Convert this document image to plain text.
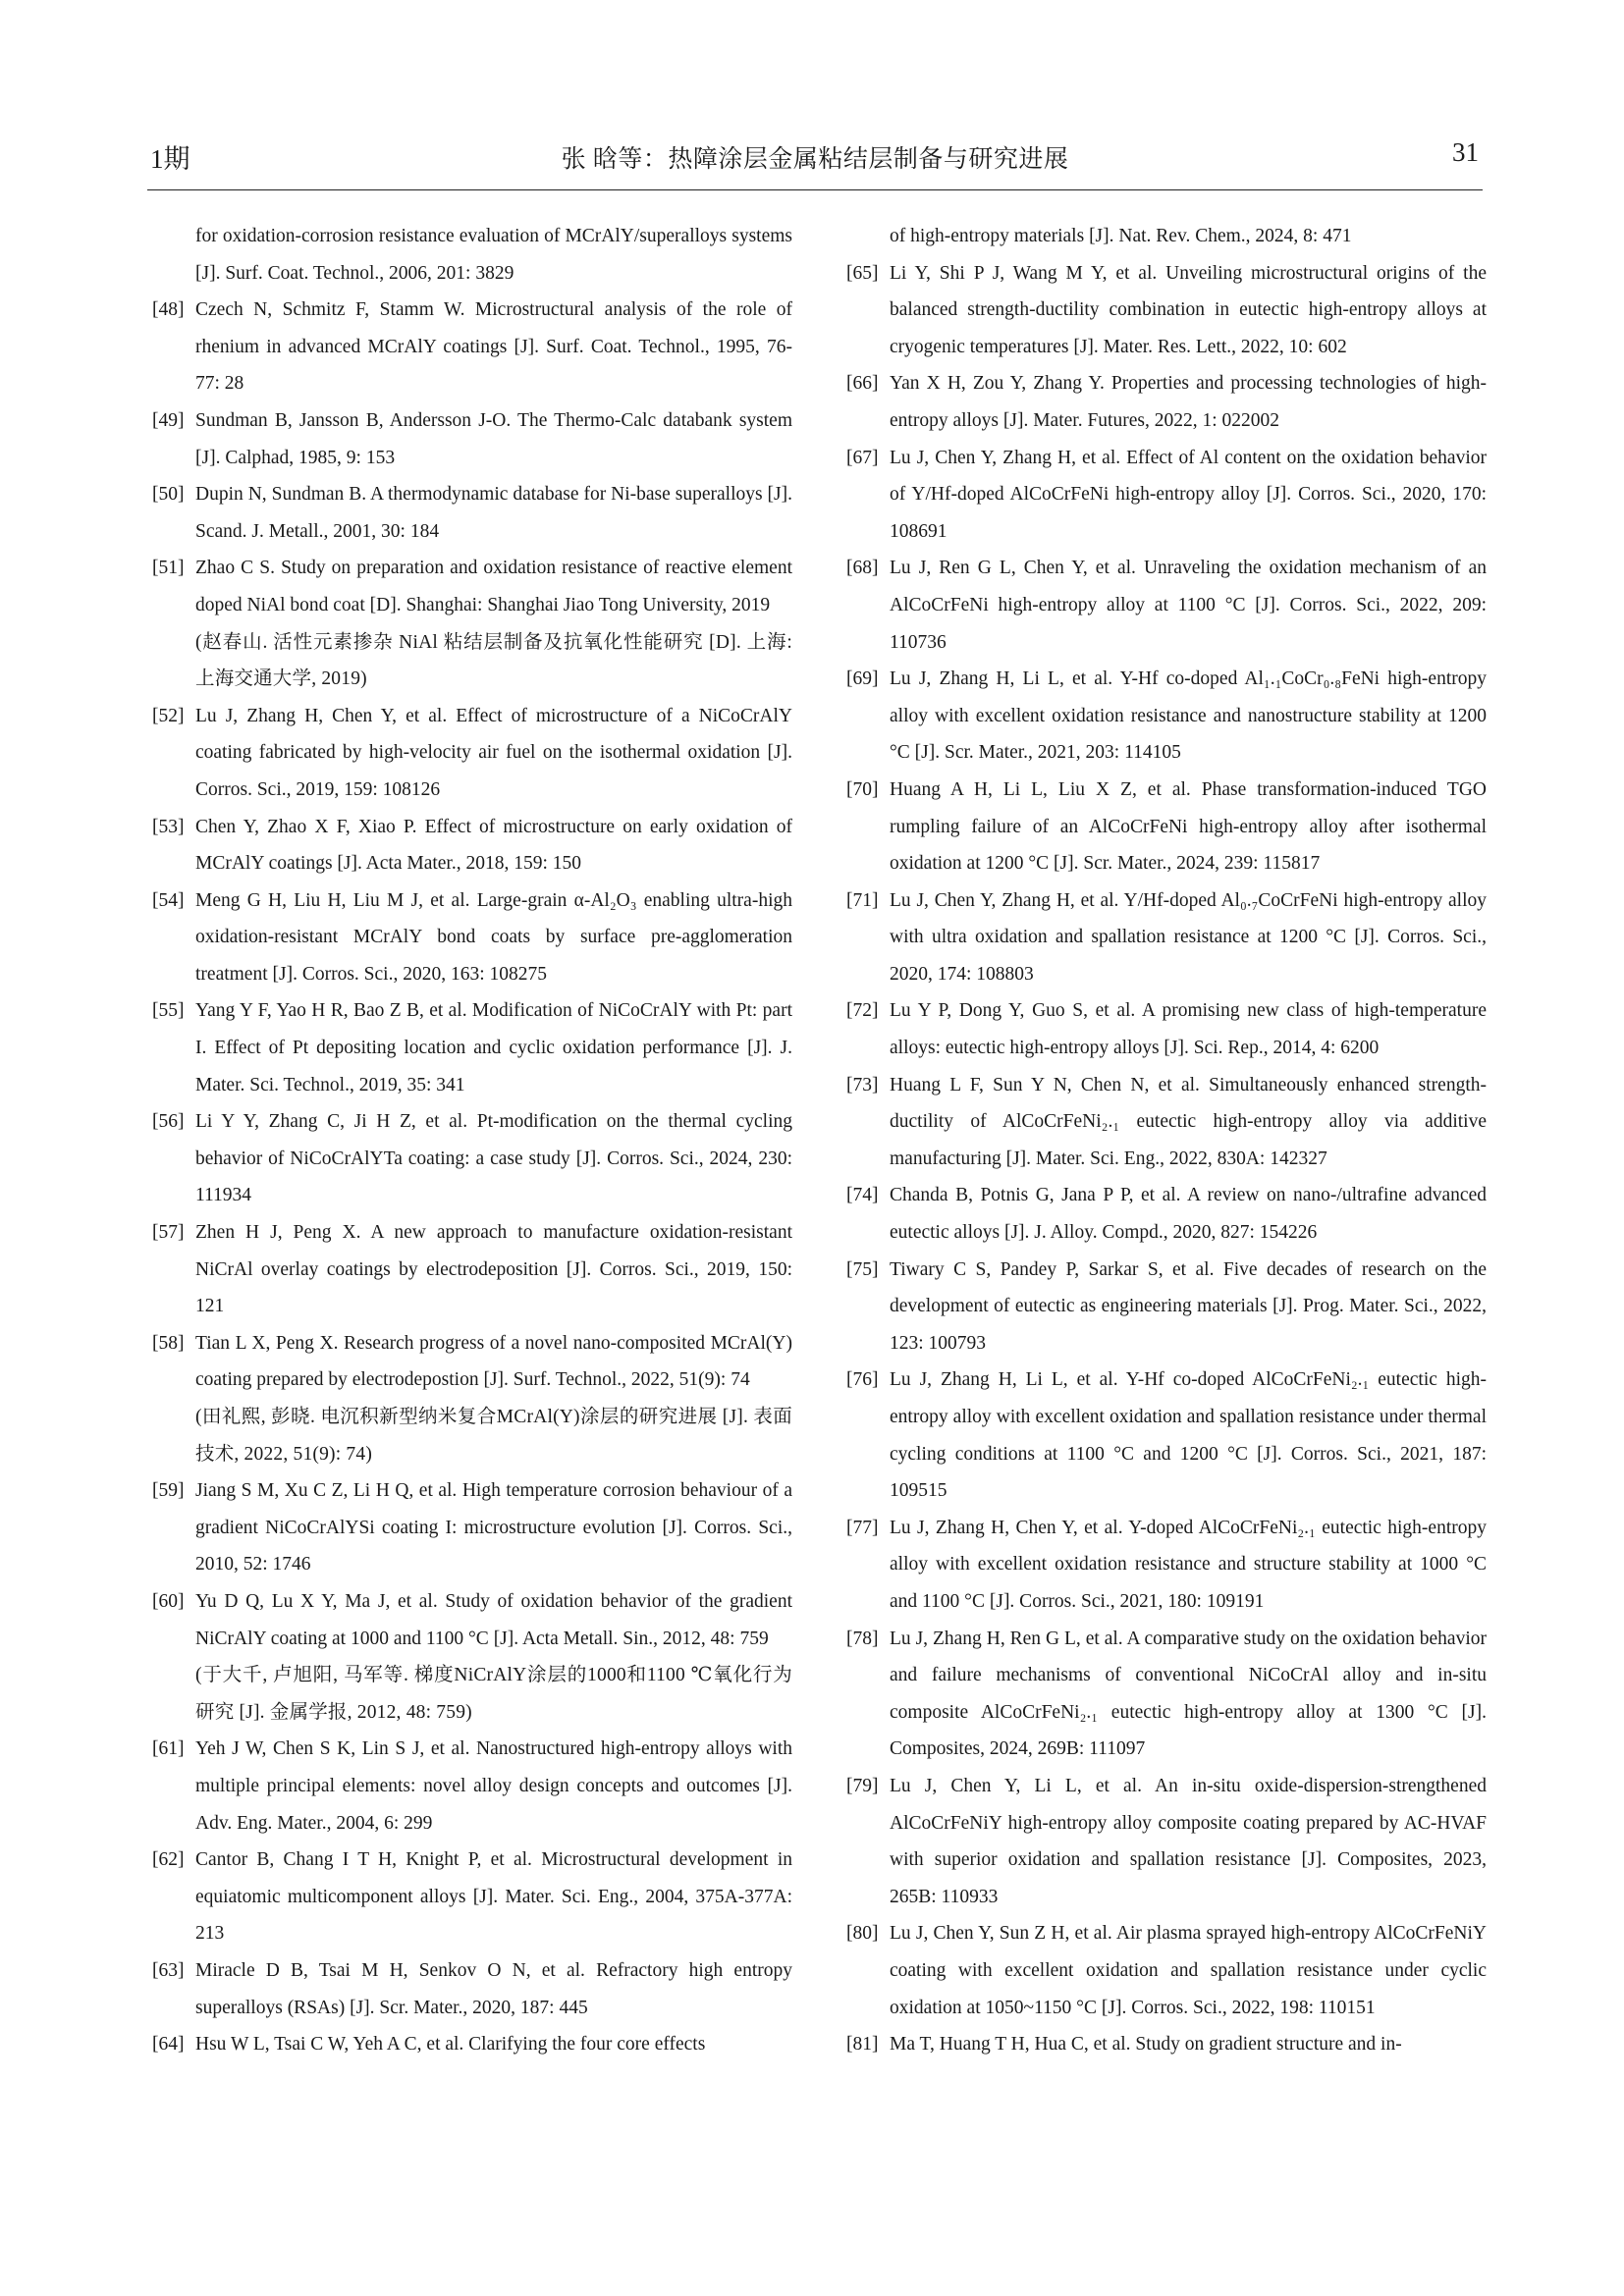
1期	张 晗等：热障涂层金属粘结层制备与研究进展	31
for oxidation-corrosion resistance evaluation of MCrAlY/superalloys systems [J]. Surf. Coat. Technol., 2006, 201: 3829
[48] Czech N, Schmitz F, Stamm W. Microstructural analysis of the role of rhenium in advanced MCrAlY coatings [J]. Surf. Coat. Technol., 1995, 76-77: 28
[49] Sundman B, Jansson B, Andersson J-O. The Thermo-Calc databank system [J]. Calphad, 1985, 9: 153
[50] Dupin N, Sundman B. A thermodynamic database for Ni-base superalloys [J]. Scand. J. Metall., 2001, 30: 184
[51] Zhao C S. Study on preparation and oxidation resistance of reactive element doped NiAl bond coat [D]. Shanghai: Shanghai Jiao Tong University, 2019
(赵春山. 活性元素掺杂 NiAl 粘结层制备及抗氧化性能研究 [D]. 上海: 上海交通大学, 2019)
[52] Lu J, Zhang H, Chen Y, et al. Effect of microstructure of a NiCoCrAlY coating fabricated by high-velocity air fuel on the isothermal oxidation [J]. Corros. Sci., 2019, 159: 108126
[53] Chen Y, Zhao X F, Xiao P. Effect of microstructure on early oxidation of MCrAlY coatings [J]. Acta Mater., 2018, 159: 150
[54] Meng G H, Liu H, Liu M J, et al. Large-grain α-Al₂O₃ enabling ultra-high oxidation-resistant MCrAlY bond coats by surface pre-agglomeration treatment [J]. Corros. Sci., 2020, 163: 108275
[55] Yang Y F, Yao H R, Bao Z B, et al. Modification of NiCoCrAlY with Pt: part I. Effect of Pt depositing location and cyclic oxidation performance [J]. J. Mater. Sci. Technol., 2019, 35: 341
[56] Li Y Y, Zhang C, Ji H Z, et al. Pt-modification on the thermal cycling behavior of NiCoCrAlYTa coating: a case study [J]. Corros. Sci., 2024, 230: 111934
[57] Zhen H J, Peng X. A new approach to manufacture oxidation-resistant NiCrAl overlay coatings by electrodeposition [J]. Corros. Sci., 2019, 150: 121
[58] Tian L X, Peng X. Research progress of a novel nano-composited MCrAl(Y) coating prepared by electrodepostion [J]. Surf. Technol., 2022, 51(9): 74
(田礼熙, 彭晓. 电沉积新型纳米复合MCrAl(Y)涂层的研究进展 [J]. 表面技术, 2022, 51(9): 74)
[59] Jiang S M, Xu C Z, Li H Q, et al. High temperature corrosion behaviour of a gradient NiCoCrAlYSi coating I: microstructure evolution [J]. Corros. Sci., 2010, 52: 1746
[60] Yu D Q, Lu X Y, Ma J, et al. Study of oxidation behavior of the gradient NiCrAlY coating at 1000 and 1100 °C [J]. Acta Metall. Sin., 2012, 48: 759
(于大千, 卢旭阳, 马军等. 梯度NiCrAlY涂层的1000和1100 ℃氧化行为研究 [J]. 金属学报, 2012, 48: 759)
[61] Yeh J W, Chen S K, Lin S J, et al. Nanostructured high-entropy alloys with multiple principal elements: novel alloy design concepts and outcomes [J]. Adv. Eng. Mater., 2004, 6: 299
[62] Cantor B, Chang I T H, Knight P, et al. Microstructural development in equiatomic multicomponent alloys [J]. Mater. Sci. Eng., 2004, 375A-377A: 213
[63] Miracle D B, Tsai M H, Senkov O N, et al. Refractory high entropy superalloys (RSAs) [J]. Scr. Mater., 2020, 187: 445
[64] Hsu W L, Tsai C W, Yeh A C, et al. Clarifying the four core effects
of high-entropy materials [J]. Nat. Rev. Chem., 2024, 8: 471
[65] Li Y, Shi P J, Wang M Y, et al. Unveiling microstructural origins of the balanced strength-ductility combination in eutectic high-entropy alloys at cryogenic temperatures [J]. Mater. Res. Lett., 2022, 10: 602
[66] Yan X H, Zou Y, Zhang Y. Properties and processing technologies of high-entropy alloys [J]. Mater. Futures, 2022, 1: 022002
[67] Lu J, Chen Y, Zhang H, et al. Effect of Al content on the oxidation behavior of Y/Hf-doped AlCoCrFeNi high-entropy alloy [J]. Corros. Sci., 2020, 170: 108691
[68] Lu J, Ren G L, Chen Y, et al. Unraveling the oxidation mechanism of an AlCoCrFeNi high-entropy alloy at 1100 °C [J]. Corros. Sci., 2022, 209: 110736
[69] Lu J, Zhang H, Li L, et al. Y-Hf co-doped Al₁.₁CoCr₀.₈FeNi high-entropy alloy with excellent oxidation resistance and nanostructure stability at 1200 °C [J]. Scr. Mater., 2021, 203: 114105
[70] Huang A H, Li L, Liu X Z, et al. Phase transformation-induced TGO rumpling failure of an AlCoCrFeNi high-entropy alloy after isothermal oxidation at 1200 °C [J]. Scr. Mater., 2024, 239: 115817
[71] Lu J, Chen Y, Zhang H, et al. Y/Hf-doped Al₀.₇CoCrFeNi high-entropy alloy with ultra oxidation and spallation resistance at 1200 °C [J]. Corros. Sci., 2020, 174: 108803
[72] Lu Y P, Dong Y, Guo S, et al. A promising new class of high-temperature alloys: eutectic high-entropy alloys [J]. Sci. Rep., 2014, 4: 6200
[73] Huang L F, Sun Y N, Chen N, et al. Simultaneously enhanced strength-ductility of AlCoCrFeNi₂.₁ eutectic high-entropy alloy via additive manufacturing [J]. Mater. Sci. Eng., 2022, 830A: 142327
[74] Chanda B, Potnis G, Jana P P, et al. A review on nano-/ultrafine advanced eutectic alloys [J]. J. Alloy. Compd., 2020, 827: 154226
[75] Tiwary C S, Pandey P, Sarkar S, et al. Five decades of research on the development of eutectic as engineering materials [J]. Prog. Mater. Sci., 2022, 123: 100793
[76] Lu J, Zhang H, Li L, et al. Y-Hf co-doped AlCoCrFeNi₂.₁ eutectic high-entropy alloy with excellent oxidation and spallation resistance under thermal cycling conditions at 1100 °C and 1200 °C [J]. Corros. Sci., 2021, 187: 109515
[77] Lu J, Zhang H, Chen Y, et al. Y-doped AlCoCrFeNi₂.₁ eutectic high-entropy alloy with excellent oxidation resistance and structure stability at 1000 °C and 1100 °C [J]. Corros. Sci., 2021, 180: 109191
[78] Lu J, Zhang H, Ren G L, et al. A comparative study on the oxidation behavior and failure mechanisms of conventional NiCoCrAl alloy and in-situ composite AlCoCrFeNi₂.₁ eutectic high-entropy alloy at 1300 °C [J]. Composites, 2024, 269B: 111097
[79] Lu J, Chen Y, Li L, et al. An in-situ oxide-dispersion-strengthened AlCoCrFeNiY high-entropy alloy composite coating prepared by AC-HVAF with superior oxidation and spallation resistance [J]. Composites, 2023, 265B: 110933
[80] Lu J, Chen Y, Sun Z H, et al. Air plasma sprayed high-entropy AlCoCrFeNiY coating with excellent oxidation and spallation resistance under cyclic oxidation at 1050~1150 °C [J]. Corros. Sci., 2022, 198: 110151
[81] Ma T, Huang T H, Hua C, et al. Study on gradient structure and in-
